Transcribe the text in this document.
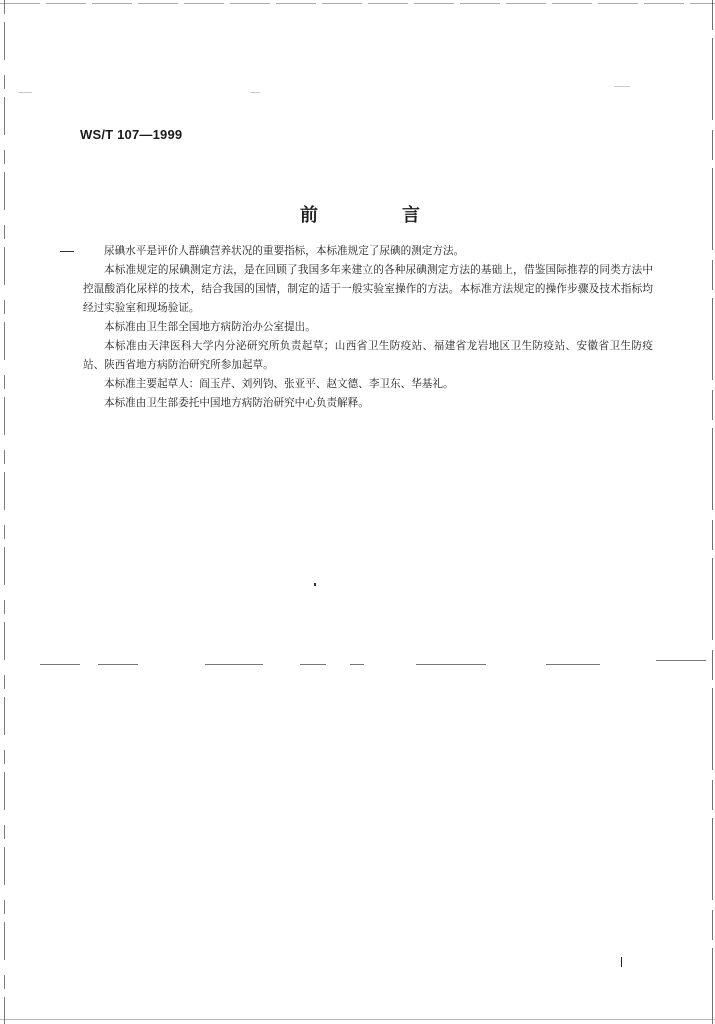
WS/T 107—1999
前	言

尿碘水平是评价人群碘营养状况的重要指标，本标准规定了尿碘的测定方法。

本标准规定的尿碘测定方法，是在回顾了我国多年来建立的各种尿碘测定方法的基础上，借鉴国际推荐的同类方法中控温酸消化尿样的技术，结合我国的国情，制定的适于一般实验室操作的方法。本标准方法规定的操作步骤及技术指标均经过实验室和现场验证。

本标准由卫生部全国地方病防治办公室提出。

本标准由天津医科大学内分泌研究所负责起草；山西省卫生防疫站、福建省龙岩地区卫生防疫站、安徽省卫生防疫站、陕西省地方病防治研究所参加起草。

本标准主要起草人：阎玉芹、刘列钧、张亚平、赵文德、李卫东、华基礼。

本标准由卫生部委托中国地方病防治研究中心负责解释。
